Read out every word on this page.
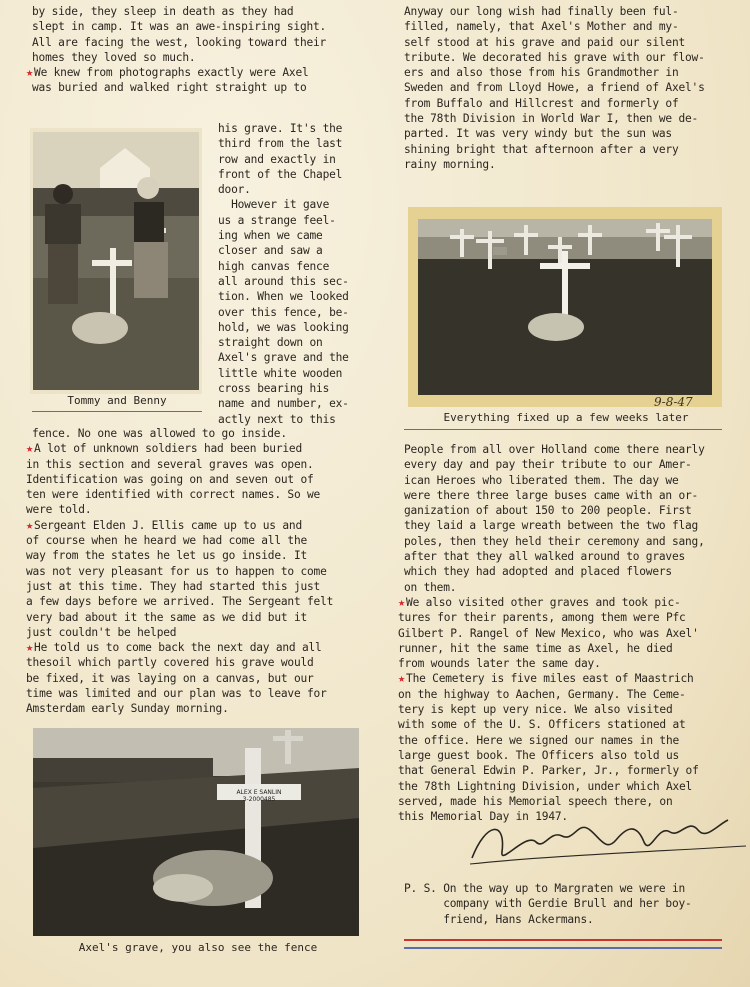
by side, they sleep in death as they had

slept in camp. It was an awe-inspiring sight.

All are facing the west, looking toward their

homes they loved so much.

★We knew from photographs exactly were Axel

was buried and walked right straight up to

Tommy and Benny

his grave. It's the

third from the last

row and exactly in

front of the Chapel

door.

However it gave

us a strange feel-

ing when we came

closer and saw a

high canvas fence

all around this sec-

tion. When we looked

over this fence, be-

hold, we was looking

straight down on

Axel's grave and the

little white wooden

cross bearing his

name and number, ex-

actly next to this

fence. No one was allowed to go inside.

★A lot of unknown soldiers had been buried
in this section and several graves was open.
Identification was going on and seven out of
ten were identified with correct names. So we
were told.

★Sergeant Elden J. Ellis came up to us and
of course when he heard we had come all the
way from the states he let us go inside. It
was not very pleasant for us to happen to come
just at this time. They had started this just
a few days before we arrived. The Sergeant felt
very bad about it the same as we did but it
just couldn't be helped

★He told us to come back the next day and all
thesoil which partly covered his grave would
be fixed, it was laying on a canvas, but our
time was limited and our plan was to leave for
Amsterdam early Sunday morning.

ALEX E SANLIN 3-2000485
Axel's grave, you also see the fence

Anyway our long wish had finally been ful-
filled, namely, that Axel's Mother and my-
self stood at his grave and paid our silent
tribute. We decorated his grave with our flow-
ers and also those from his Grandmother in
Sweden and from Lloyd Howe, a friend of Axel's
from Buffalo and Hillcrest and formerly of
the 78th Division in World War I, then we de-
parted. It was very windy but the sun was
shining bright that afternoon after a very
rainy morning.

9-8-47
Everything fixed up a few weeks later

People from all over Holland come there nearly
every day and pay their tribute to our Amer-
ican Heroes who liberated them. The day we
were there three large buses came with an or-
ganization of about 150 to 200 people. First
they laid a large wreath between the two flag
poles, then they held their ceremony and sang,
after that they all walked around to graves
which they had adopted and placed flowers
on them.

★We also visited other graves and took pic-
tures for their parents, among them were Pfc
Gilbert P. Rangel of New Mexico, who was Axel'
runner, hit the same time as Axel, he died
from wounds later the same day.

★The Cemetery is five miles east of Maastrich
on the highway to Aachen, Germany. The Ceme-
tery is kept up very nice. We also visited
with some of the U. S. Officers stationed at
the office. Here we signed our names in the
large guest book. The Officers also told us
that General Edwin P. Parker, Jr., formerly of
the 78th Lightning Division, under which Axel
served, made his Memorial speech there, on
this Memorial Day in 1947.

P. S. On the way up to Margraten we were in
company with Gerdie Brull and her boy-
friend, Hans Ackermans.
